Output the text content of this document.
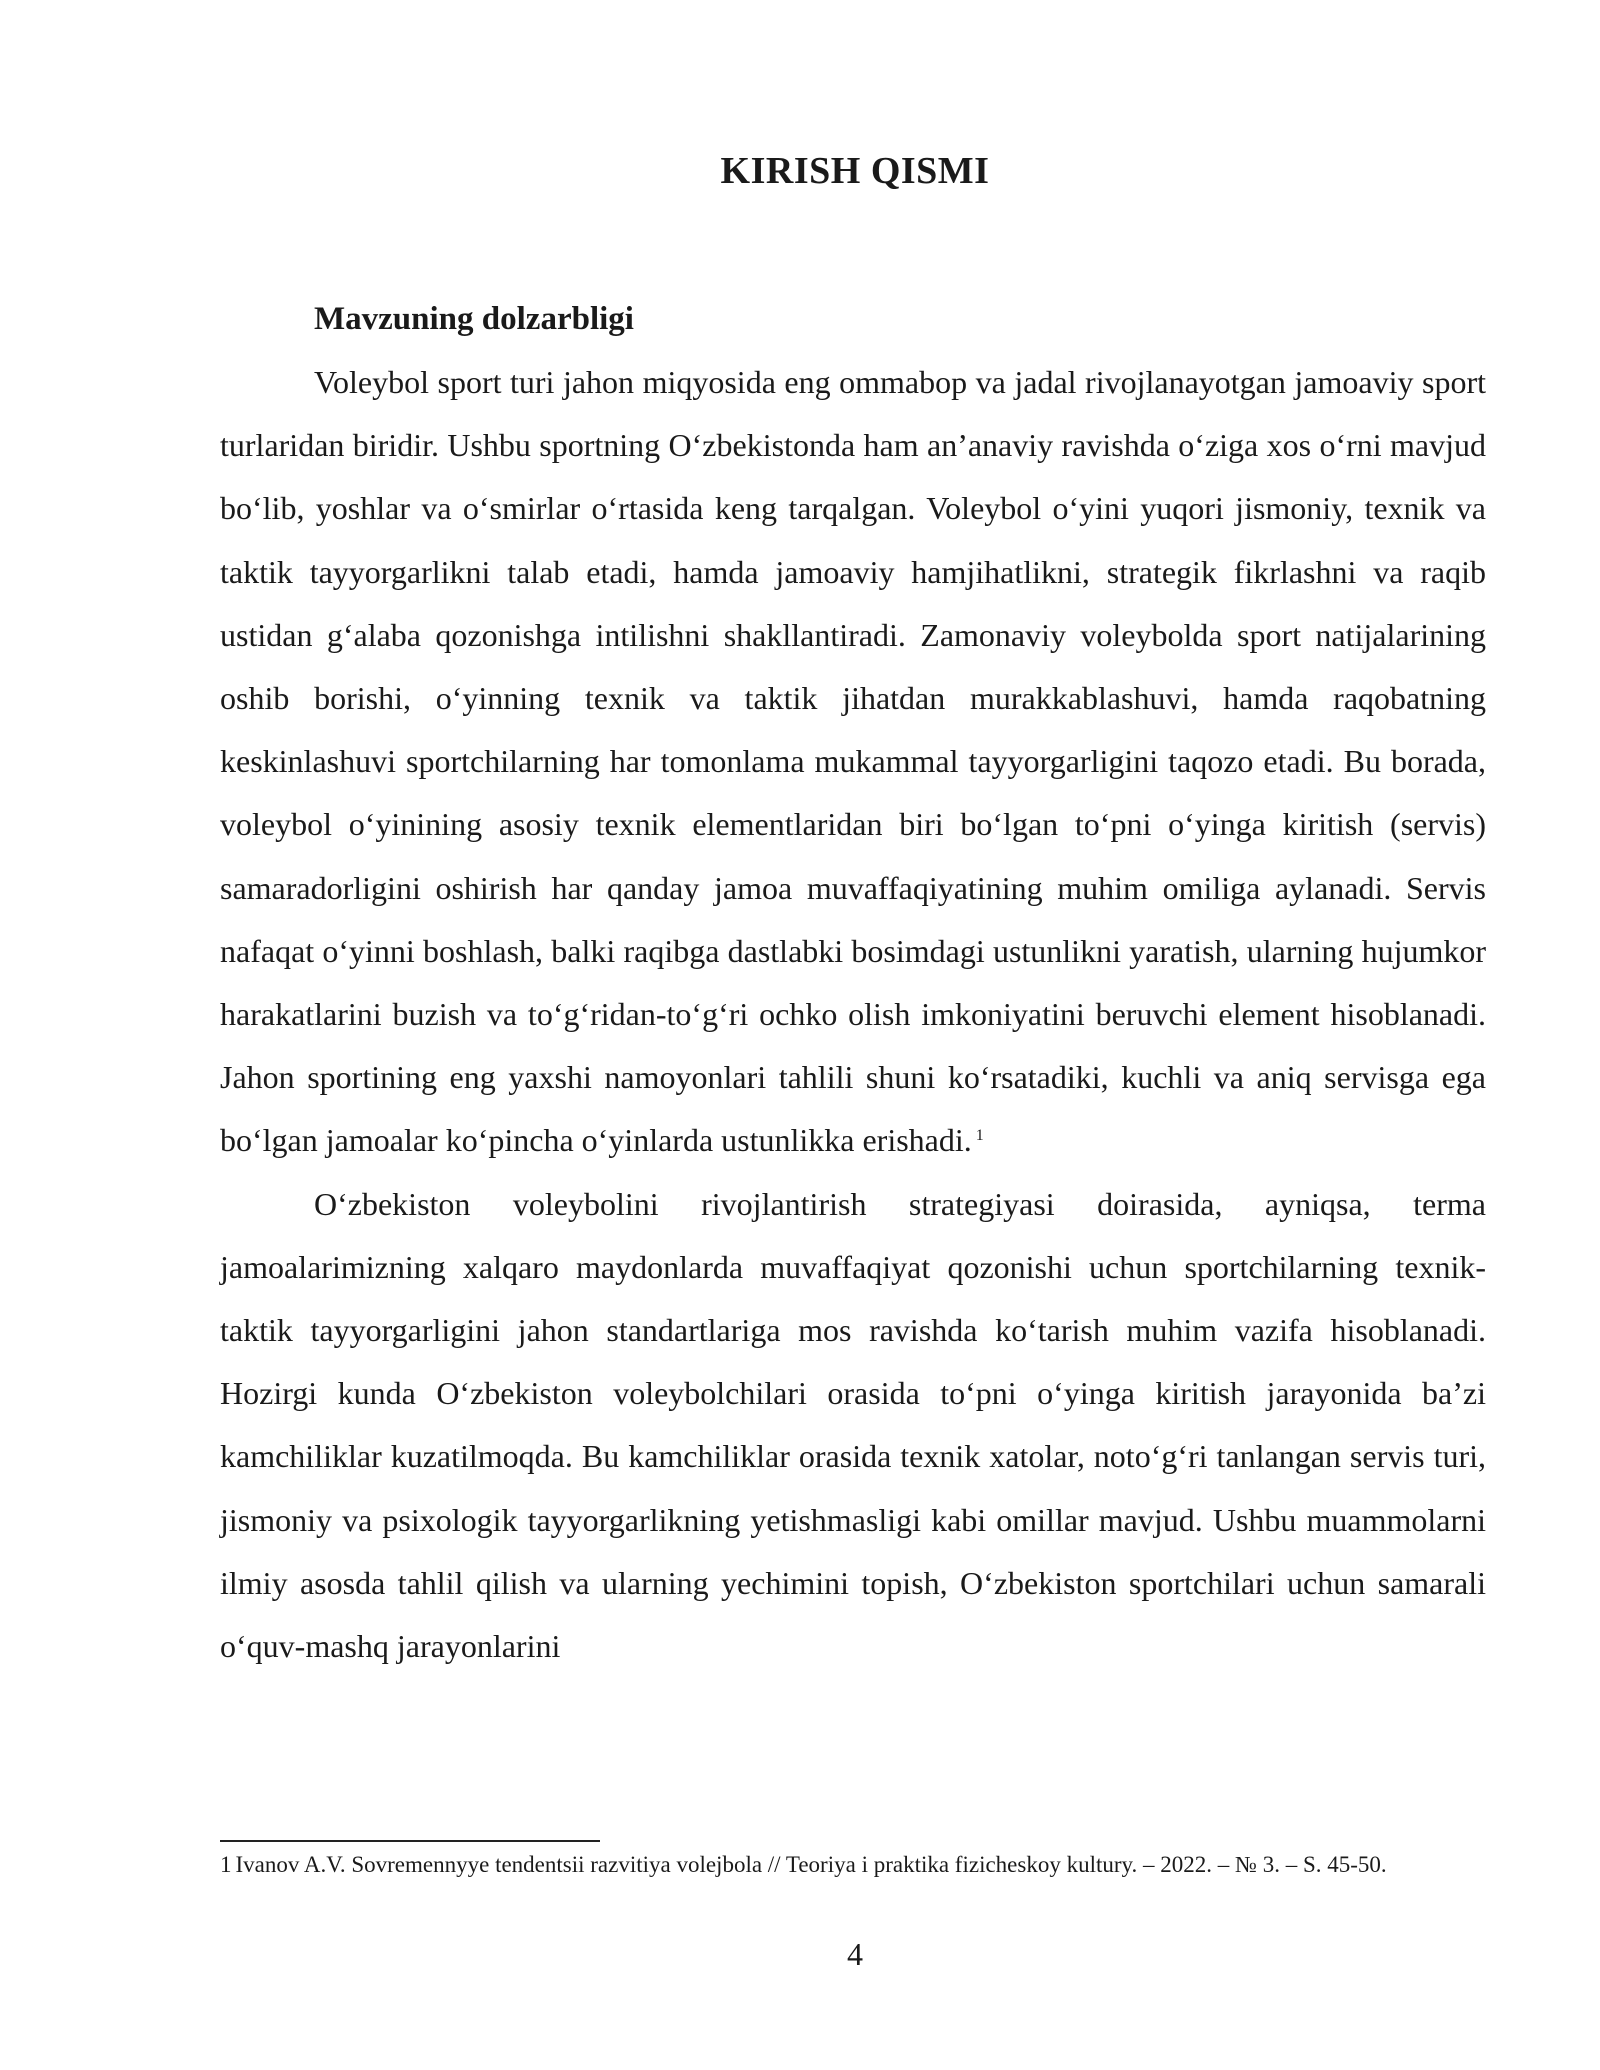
KIRISH QISMI
Mavzuning dolzarbligi

Voleybol sport turi jahon miqyosida eng ommabop va jadal rivojlanayotgan jamoaviy sport turlaridan biridir. Ushbu sportning O‘zbekistonda ham an’anaviy ravishda o‘ziga xos o‘rni mavjud bo‘lib, yoshlar va o‘smirlar o‘rtasida keng tarqalgan. Voleybol o‘yini yuqori jismoniy, texnik va taktik tayyorgarlikni talab etadi, hamda jamoaviy hamjihatlikni, strategik fikrlashni va raqib ustidan g‘alaba qozonishga intilishni shakllantiradi. Zamonaviy voleybolda sport natijalarining oshib borishi, o‘yinning texnik va taktik jihatdan murakkablashuvi, hamda raqobatning keskinlashuvi sportchilarning har tomonlama mukammal tayyorgarligini taqozo etadi. Bu borada, voleybol o‘yinining asosiy texnik elementlaridan biri bo‘lgan to‘pni o‘yinga kiritish (servis) samaradorligini oshirish har qanday jamoa muvaffaqiyatining muhim omiliga aylanadi. Servis nafaqat o‘yinni boshlash, balki raqibga dastlabki bosimdagi ustunlikni yaratish, ularning hujumkor harakatlarini buzish va to‘g‘ridan-to‘g‘ri ochko olish imkoniyatini beruvchi element hisoblanadi. Jahon sportining eng yaxshi namoyonlari tahlili shuni ko‘rsatadiki, kuchli va aniq servisga ega bo‘lgan jamoalar ko‘pincha o‘yinlarda ustunlikka erishadi. $^1$

O‘zbekiston voleybolini rivojlantirish strategiyasi doirasida, ayniqsa, terma jamoalarimizning xalqaro maydonlarda muvaffaqiyat qozonishi uchun sportchilarning texnik-taktik tayyorgarligini jahon standartlariga mos ravishda ko‘tarish muhim vazifa hisoblanadi. Hozirgi kunda O‘zbekiston voleybolchilari orasida to‘pni o‘yinga kiritish jarayonida ba’zi kamchiliklar kuzatilmoqda. Bu kamchiliklar orasida texnik xatolar, noto‘g‘ri tanlangan servis turi, jismoniy va psixologik tayyorgarlikning yetishmasligi kabi omillar mavjud. Ushbu muammolarni ilmiy asosda tahlil qilish va ularning yechimini topish, O‘zbekiston sportchilari uchun samarali o‘quv-mashq jarayonlarini

1 Ivanov A.V. Sovremennyye tendentsii razvitiya volejbola // Teoriya i praktika fizicheskoy kultury. – 2022. – № 3. – S. 45-50.

4
